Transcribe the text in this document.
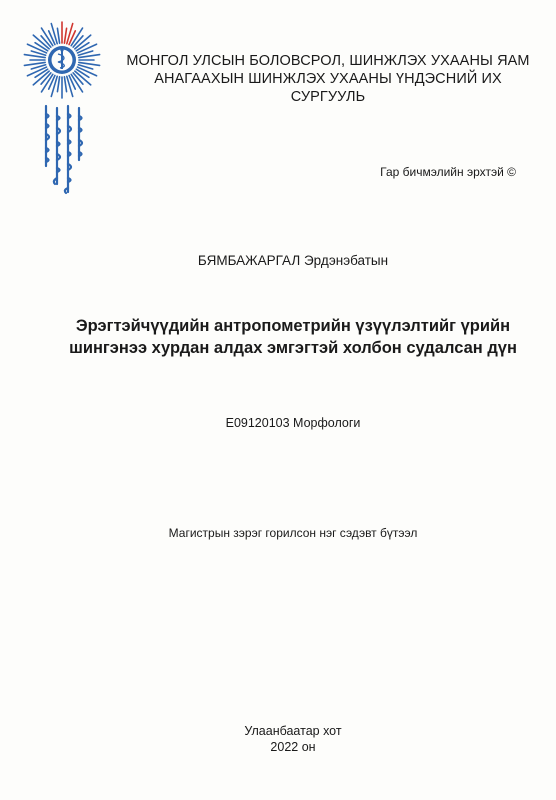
МОНГОЛ УЛСЫН БОЛОВСРОЛ, ШИНЖЛЭХ УХААНЫ ЯАМ
АНАГААХЫН ШИНЖЛЭХ УХААНЫ ҮНДЭСНИЙ ИХ СУРГУУЛЬ
Гар бичмэлийн эрхтэй ©
БЯМБАЖАРГАЛ Эрдэнэбатын
Эрэгтэйчүүдийн антропометрийн үзүүлэлтийг үрийн
шингэнээ хурдан алдах эмгэгтэй холбон судалсан дүн
E09120103 Морфологи
Магистрын зэрэг горилсон нэг сэдэвт бүтээл
Улаанбаатар хот
2022 он
